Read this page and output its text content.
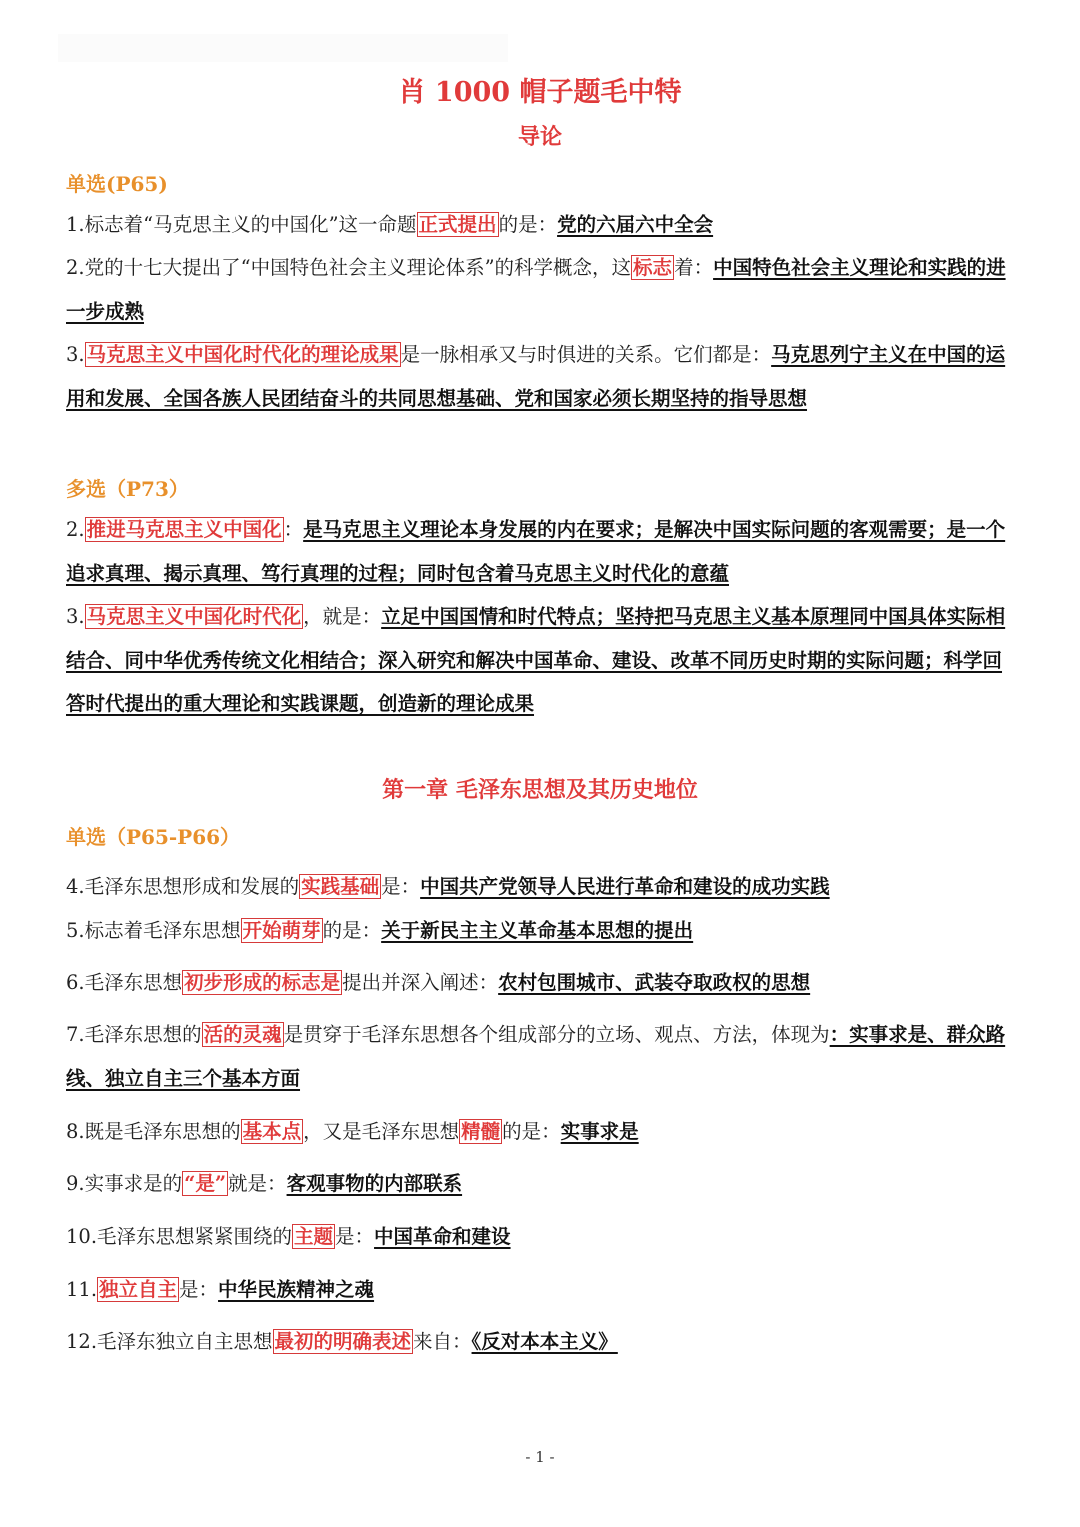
肖 1000 帽子题毛中特
导论
单选(P65)
1.标志着“马克思主义的中国化”这一命题 正式提出 的是：党的六届六中全会
2.党的十七大提出了“中国特色社会主义理论体系”的科学概念，这 标志 着：中国特色社会主义理论和实践的进一步成熟
3. 马克思主义中国化时代化的理论成果 是一脉相承又与时俱进的关系。它们都是：马克思列宁主义在中国的运用和发展、全国各族人民团结奋斗的共同思想基础、党和国家必须长期坚持的指导思想
多选（P73）
2. 推进马克思主义中国化 ：是马克思主义理论本身发展的内在要求；是解决中国实际问题的客观需要；是一个追求真理、揭示真理、笃行真理的过程；同时包含着马克思主义时代化的意蕴
3. 马克思主义中国化时代化 ，就是：立足中国国情和时代特点；坚持把马克思主义基本原理同中国具体实际相结合、同中华优秀传统文化相结合；深入研究和解决中国革命、建设、改革不同历史时期的实际问题；科学回答时代提出的重大理论和实践课题，创造新的理论成果
第一章 毛泽东思想及其历史地位
单选（P65-P66）
4.毛泽东思想形成和发展的 实践基础 是：中国共产党领导人民进行革命和建设的成功实践
5.标志着毛泽东思想 开始萌芽 的是：关于新民主主义革命基本思想的提出
6.毛泽东思想 初步形成的标志是 提出并深入阐述：农村包围城市、武装夺取政权的思想
7.毛泽东思想的 活的灵魂 是贯穿于毛泽东思想各个组成部分的立场、观点、方法，体现为：实事求是、群众路线、独立自主三个基本方面
8.既是毛泽东思想的 基本点 ，又是毛泽东思想 精髓 的是：实事求是
9.实事求是的 “是” 就是：客观事物的内部联系
10.毛泽东思想紧紧围绕的 主题 是：中国革命和建设
11. 独立自主 是：中华民族精神之魂
12.毛泽东独立自主思想 最初的明确表述 来自：《反对本本主义》
- 1 -
